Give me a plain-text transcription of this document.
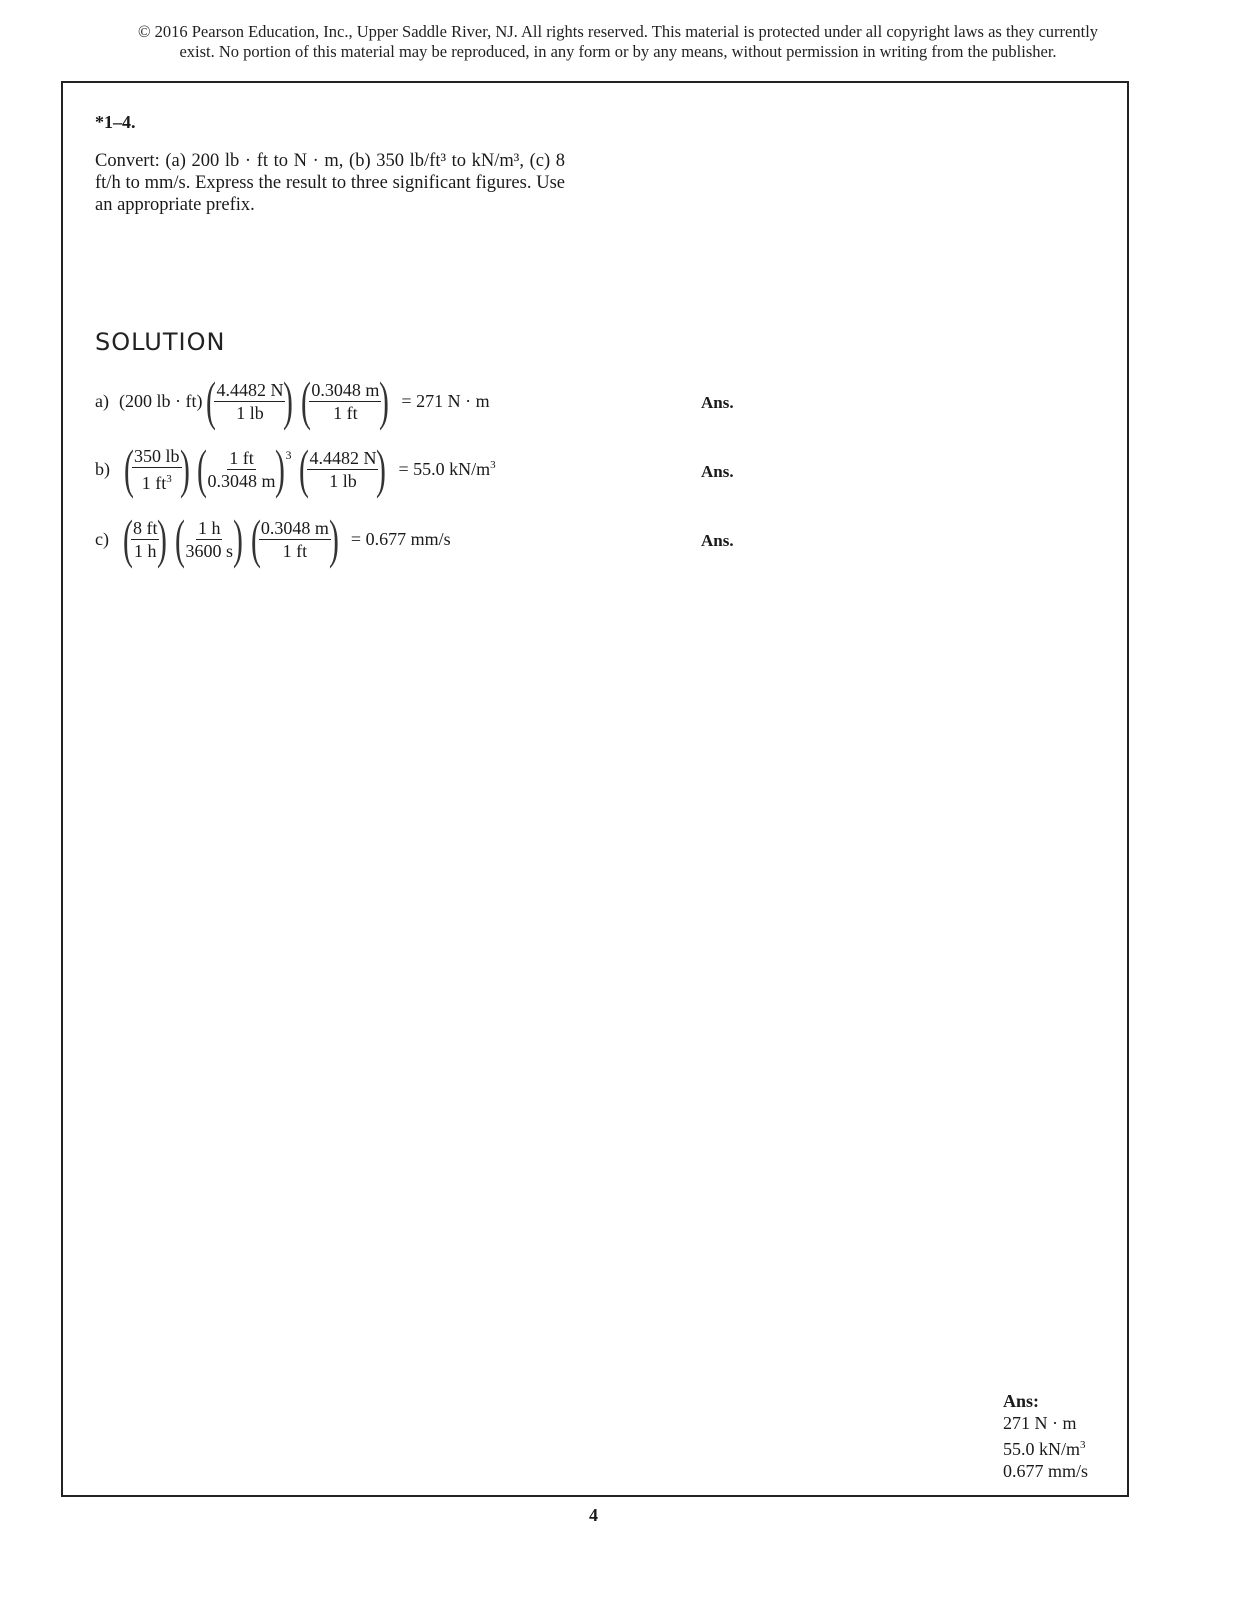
© 2016 Pearson Education, Inc., Upper Saddle River, NJ. All rights reserved. This material is protected under all copyright laws as they currently
exist. No portion of this material may be reproduced, in any form or by any means, without permission in writing from the publisher.
*1–4.
Convert: (a) 200 lb · ft to N · m, (b) 350 lb/ft³ to kN/m³, (c) 8 ft/h to mm/s. Express the result to three significant figures. Use an appropriate prefix.
SOLUTION
a) (200 lb · ft) (
$\frac{4.4482 N}{1 lb}$
) (
$\frac{0.3048 m}{1 ft}$
) = 271 N · m	Ans.
b) (
$\frac{350 lb}{1 ft^3}$
) (
$\frac{1 ft}{0.3048 m}$
) 3 (
$\frac{4.4482 N}{1 lb}$
) = 55.0 $kN/m^3$	Ans.
c) (
$\frac{8 ft}{1 h}$
) (
$\frac{1 h}{3600 s}$
) (
$\frac{0.3048 m}{1 ft}$
) = 0.677 mm/s	Ans.
Ans:
271 N · m
55.0 $kN/m^3$
0.677 mm/s
4
